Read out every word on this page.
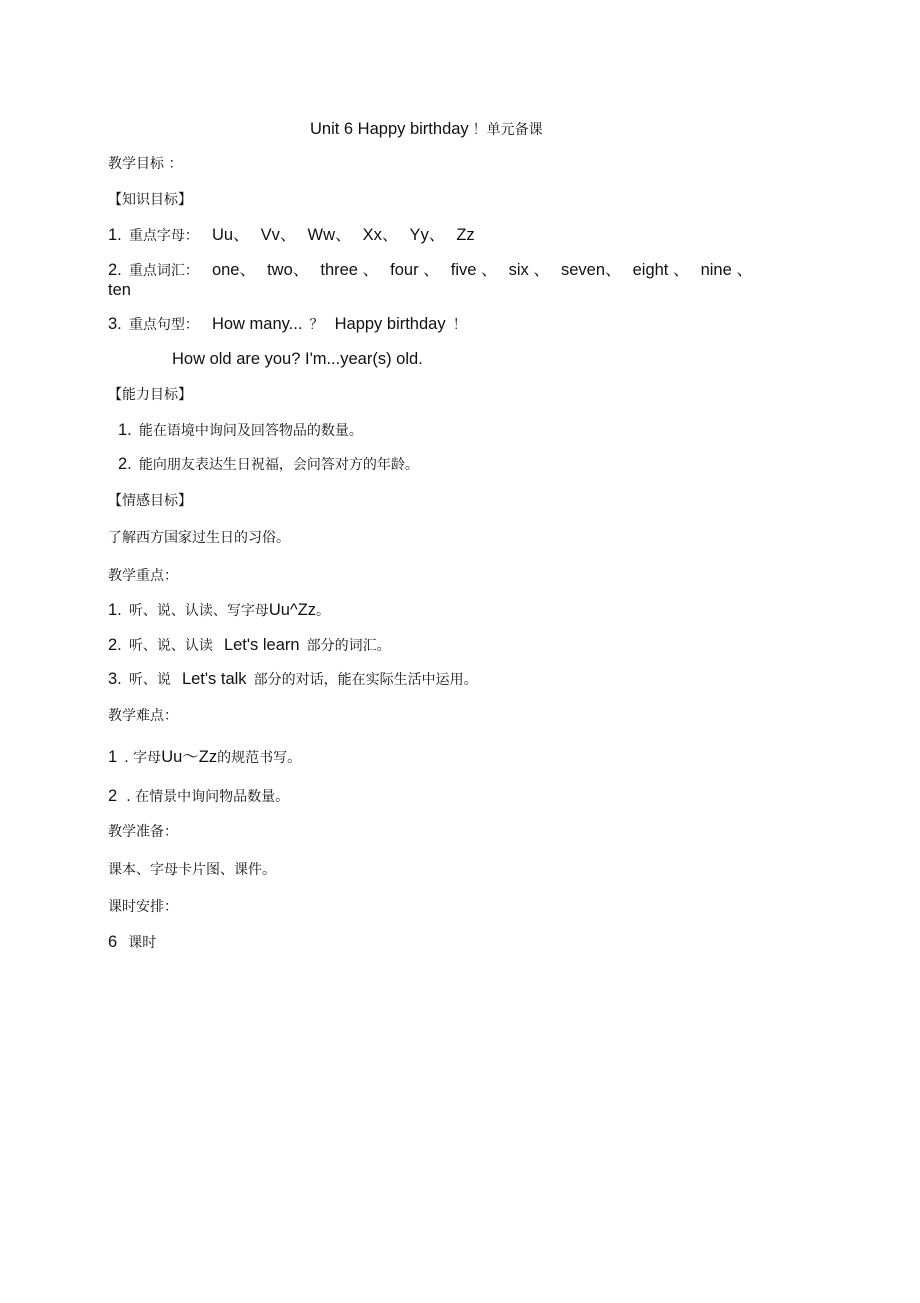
Unit 6 Happy birthday ！单元备课
教学目标 ：
【知识目标】
1. 重点字母： Uu、 Vv、 Ww、 Xx、 Yy、 Zz
2. 重点词汇： one、 two、 three 、 four 、 five 、 six 、 seven、 eight 、 nine 、
ten
3. 重点句型： How many... ？ Happy birthday ！
How old are you? I'm...year(s) old.
【能力目标】
1. 能在语境中询问及回答物品的数量。
2. 能向朋友表达生日祝福，会问答对方的年龄。
【情感目标】
了解西方国家过生日的习俗。
教学重点：
1. 听、说、认读、写字母Uu^Zz。
2. 听、说、认读 Let's learn 部分的词汇。
3. 听、说 Let's talk 部分的对话，能在实际生活中运用。
教学难点：
1 . 字母Uu〜Zz的规范书写。
2 . 在情景中询问物品数量。
教学准备：
课本、字母卡片图、课件。
课时安排：
6 课时
